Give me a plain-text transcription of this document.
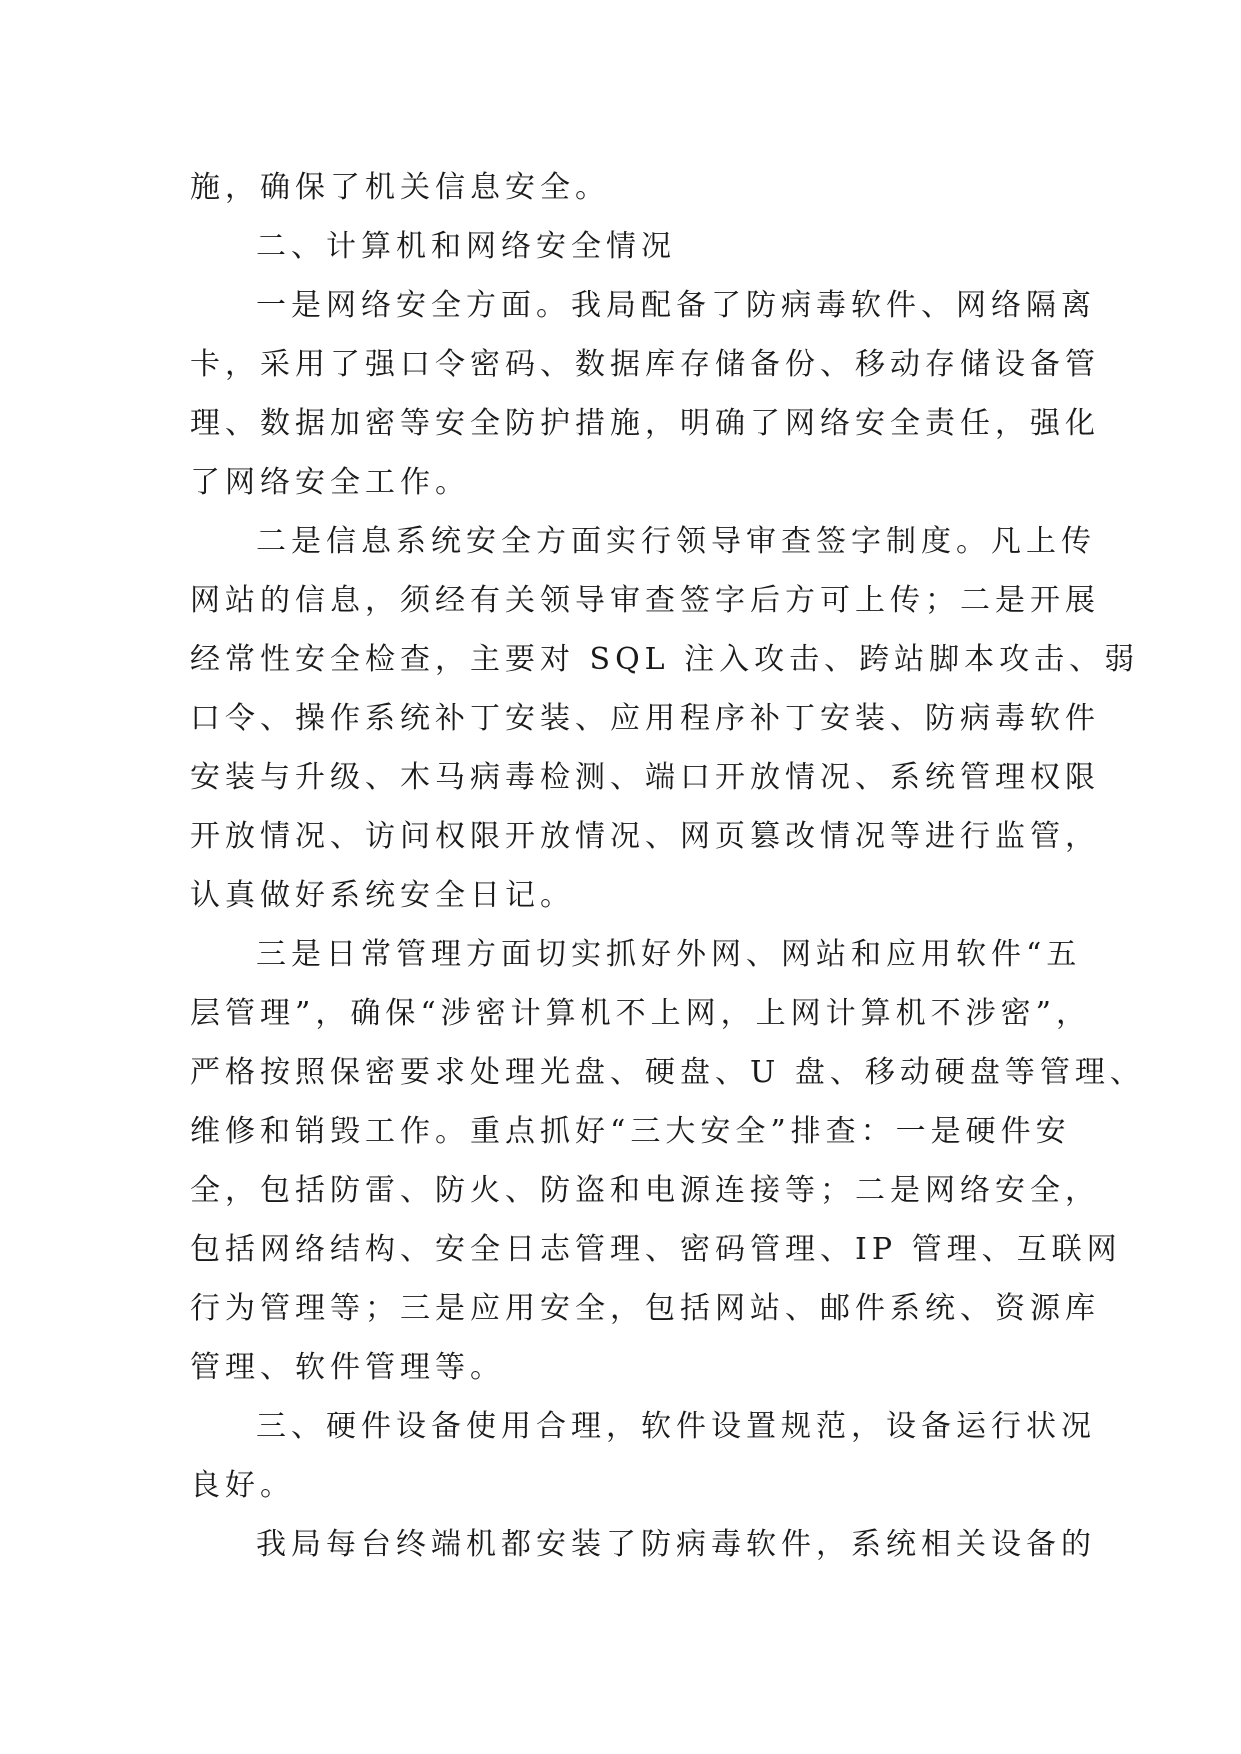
施，确保了机关信息安全。
二、计算机和网络安全情况
一是网络安全方面。我局配备了防病毒软件、网络隔离
卡，采用了强口令密码、数据库存储备份、移动存储设备管
理、数据加密等安全防护措施，明确了网络安全责任，强化
了网络安全工作。
二是信息系统安全方面实行领导审查签字制度。凡上传
网站的信息，须经有关领导审查签字后方可上传；二是开展
经常性安全检查，主要对 SQL 注入攻击、跨站脚本攻击、弱
口令、操作系统补丁安装、应用程序补丁安装、防病毒软件
安装与升级、木马病毒检测、端口开放情况、系统管理权限
开放情况、访问权限开放情况、网页篡改情况等进行监管，
认真做好系统安全日记。
三是日常管理方面切实抓好外网、网站和应用软件“五
层管理”，确保“涉密计算机不上网，上网计算机不涉密”，
严格按照保密要求处理光盘、硬盘、U 盘、移动硬盘等管理、
维修和销毁工作。重点抓好“三大安全”排查：一是硬件安
全，包括防雷、防火、防盗和电源连接等；二是网络安全，
包括网络结构、安全日志管理、密码管理、IP 管理、互联网
行为管理等；三是应用安全，包括网站、邮件系统、资源库
管理、软件管理等。
三、硬件设备使用合理，软件设置规范，设备运行状况
良好。
我局每台终端机都安装了防病毒软件，系统相关设备的
